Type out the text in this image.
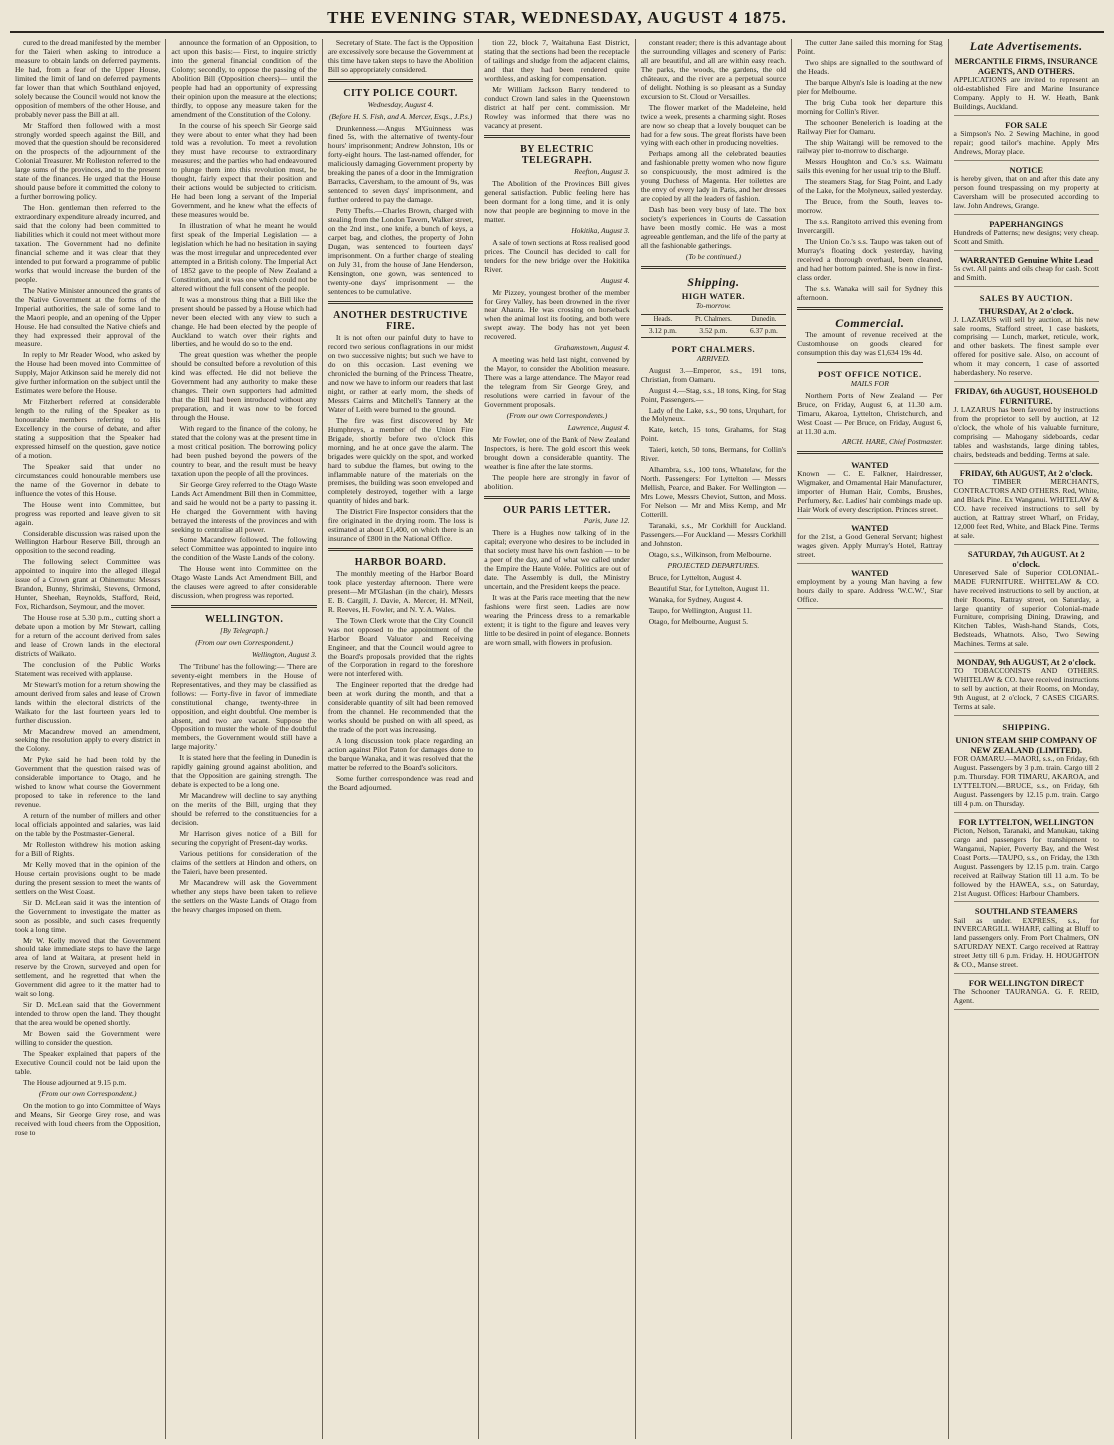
THE EVENING STAR, WEDNESDAY, AUGUST 4 1875.

cured to the dread manifested by the member for the Taieri when asking to introduce a measure to obtain lands on deferred payments. He had, from a fear of the Upper House, limited the limit of land on deferred payments far lower than that which Southland enjoyed, solely because the Council would not know the opposition of members of the other House, and probably never pass the Bill at all.

Mr Stafford then followed with a most strongly worded speech against the Bill, and moved that the question should be reconsidered on the prospects of the adjournment of the Colonial Treasurer. Mr Rolleston referred to the large sums of the provinces, and to the present state of the finances. He urged that the House should pause before it committed the colony to a further borrowing policy.

The Hon. gentleman then referred to the extraordinary expenditure already incurred, and said that the colony had been committed to liabilities which it could not meet without more taxation. The Government had no definite financial scheme and it was clear that they intended to put forward a programme of public works that would increase the burden of the people.

The Native Minister announced the grants of the Native Government at the forms of the Imperial authorities, the sale of some land to the Maori people, and an opening of the Upper House. He had consulted the Native chiefs and they had expressed their approval of the measure.

In reply to Mr Reader Wood, who asked by the House had been moved into Committee of Supply, Major Atkinson said he merely did not give further information on the subject until the Estimates were before the House.

Mr Fitzherbert referred at considerable length to the ruling of the Speaker as to honourable members referring to His Excellency in the course of debate, and after stating a supposition that the Speaker had expressed himself on the question, gave notice of a motion.

The Speaker said that under no circumstances could honourable members use the name of the Governor in debate to influence the votes of this House.

The House went into Committee, but progress was reported and leave given to sit again.

Considerable discussion was raised upon the Wellington Harbour Reserve Bill, through an opposition to the second reading.

The following select Committee was appointed to inquire into the alleged illegal issue of a Crown grant at Ohinemutu: Messrs Brandon, Bunny, Shrimski, Stevens, Ormond, Hunter, Sheehan, Reynolds, Stafford, Reid, Fox, Richardson, Seymour, and the mover.

The House rose at 5.30 p.m., cutting short a debate upon a motion by Mr Stewart, calling for a return of the account derived from sales and lease of Crown lands in the electoral districts of Waikato.

The conclusion of the Public Works Statement was received with applause.

Mr Stewart's motion for a return showing the amount derived from sales and lease of Crown lands within the electoral districts of the Waikato for the last fourteen years led to further discussion.

Mr Macandrew moved an amendment, seeking the resolution apply to every district in the Colony.

Mr Pyke said he had been told by the Government that the question raised was of considerable importance to Otago, and he wished to know what course the Government proposed to take in reference to the land revenue.

A return of the number of millers and other local officials appointed and salaries, was laid on the table by the Postmaster-General.

Mr Rolleston withdrew his motion asking for a Bill of Rights.

Mr Kelly moved that in the opinion of the House certain provisions ought to be made during the present session to meet the wants of settlers on the West Coast.

Sir D. McLean said it was the intention of the Government to investigate the matter as soon as possible, and such cases frequently took a long time.

Mr W. Kelly moved that the Government should take immediate steps to have the large area of land at Waitara, at present held in reserve by the Crown, surveyed and open for settlement, and he regretted that when the Government did agree to it the matter had to wait so long.

Sir D. McLean said that the Government intended to throw open the land. They thought that the area would be opened shortly.

Mr Bowen said the Government were willing to consider the question.

The Speaker explained that papers of the Executive Council could not be laid upon the table.

The House adjourned at 9.15 p.m.

(From our own Correspondent.)

On the motion to go into Committee of Ways and Means, Sir George Grey rose, and was received with loud cheers from the Opposition, rose to

announce the formation of an Opposition, to act upon this basis:— First, to inquire strictly into the general financial condition of the Colony; secondly, to oppose the passing of the Abolition Bill (Opposition cheers)— until the people had had an opportunity of expressing their opinion upon the measure at the elections; thirdly, to oppose any measure taken for the amendment of the Constitution of the Colony.

In the course of his speech Sir George said they were about to enter what they had been told was a revolution. To meet a revolution they must have recourse to extraordinary measures; and the parties who had endeavoured to plunge them into this revolution must, he thought, fairly expect that their position and their actions would be subjected to criticism. He had been long a servant of the Imperial Government, and he knew what the effects of these measures would be.

In illustration of what he meant he would first speak of the Imperial Legislation — a legislation which he had no hesitation in saying was the most irregular and unprecedented ever attempted in a British colony. The Imperial Act of 1852 gave to the people of New Zealand a Constitution, and it was one which could not be altered without the full consent of the people.

It was a monstrous thing that a Bill like the present should be passed by a House which had never been elected with any view to such a change. He had been elected by the people of Auckland to watch over their rights and liberties, and he would do so to the end.

The great question was whether the people should be consulted before a revolution of this kind was effected. He did not believe the Government had any authority to make these changes. Their own supporters had admitted that the Bill had been introduced without any preparation, and it was now to be forced through the House.

With regard to the finance of the colony, he stated that the colony was at the present time in a most critical position. The borrowing policy had been pushed beyond the powers of the country to bear, and the result must be heavy taxation upon the people of all the provinces.

Sir George Grey referred to the Otago Waste Lands Act Amendment Bill then in Committee, and said he would not be a party to passing it. He charged the Government with having betrayed the interests of the provinces and with seeking to centralise all power.

Some Macandrew followed. The following select Committee was appointed to inquire into the condition of the Waste Lands of the colony.

The House went into Committee on the Otago Waste Lands Act Amendment Bill, and the clauses were agreed to after considerable discussion, when progress was reported.

WELLINGTON.
[By Telegraph.]
(From our own Correspondent.)
Wellington, August 3.

The 'Tribune' has the following:— 'There are seventy-eight members in the House of Representatives, and they may be classified as follows: — Forty-five in favor of immediate constitutional change, twenty-three in opposition, and eight doubtful. One member is absent, and two are vacant. Suppose the Opposition to muster the whole of the doubtful members, the Government would still have a large majority.'

It is stated here that the feeling in Dunedin is rapidly gaining ground against abolition, and that the Opposition are gaining strength. The debate is expected to be a long one.

Mr Macandrew will decline to say anything on the merits of the Bill, urging that they should be referred to the constituencies for a decision.

Mr Harrison gives notice of a Bill for securing the copyright of Present-day works.

Various petitions for consideration of the claims of the settlers at Hindon and others, on the Taieri, have been presented.

Mr Macandrew will ask the Government whether any steps have been taken to relieve the settlers on the Waste Lands of Otago from the heavy charges imposed on them.

Secretary of State. The fact is the Opposition are excessively sore because the Government at this time have taken steps to have the Abolition Bill so appropriately considered.

CITY POLICE COURT.
Wednesday, August 4.
(Before H. S. Fish, and A. Mercer, Esqs., J.P.s.)

Drunkenness.—Angus M'Guinness was fined 5s, with the alternative of twenty-four hours' imprisonment; Andrew Johnston, 10s or forty-eight hours. The last-named offender, for maliciously damaging Government property by breaking the panes of a door in the Immigration Barracks, Caversham, to the amount of 9s, was sentenced to seven days' imprisonment, and further ordered to pay the damage.

Petty Thefts.—Charles Brown, charged with stealing from the London Tavern, Walker street, on the 2nd inst., one knife, a bunch of keys, a carpet bag, and clothes, the property of John Dugan, was sentenced to fourteen days' imprisonment. On a further charge of stealing on July 31, from the house of Jane Henderson, Kensington, one gown, was sentenced to twenty-one days' imprisonment — the sentences to be cumulative.

ANOTHER DESTRUCTIVE FIRE.

It is not often our painful duty to have to record two serious conflagrations in our midst on two successive nights; but such we have to do on this occasion. Last evening we chronicled the burning of the Princess Theatre, and now we have to inform our readers that last night, or rather at early morn, the sheds of Messrs Cairns and Mitchell's Tannery at the Water of Leith were burned to the ground.

The fire was first discovered by Mr Humphreys, a member of the Union Fire Brigade, shortly before two o'clock this morning, and he at once gave the alarm. The brigades were quickly on the spot, and worked hard to subdue the flames, but owing to the inflammable nature of the materials on the premises, the building was soon enveloped and completely destroyed, together with a large quantity of hides and bark.

The District Fire Inspector considers that the fire originated in the drying room. The loss is estimated at about £1,400, on which there is an insurance of £800 in the National Office.

HARBOR BOARD.

The monthly meeting of the Harbor Board took place yesterday afternoon. There were present—Mr M'Glashan (in the chair), Messrs E. B. Cargill, J. Davie, A. Mercer, H. M'Neil, R. Reeves, H. Fowler, and N. Y. A. Wales.

The Town Clerk wrote that the City Council was not opposed to the appointment of the Harbor Board Valuator and Receiving Engineer, and that the Council would agree to the Board's proposals provided that the rights of the Corporation in regard to the foreshore were not interfered with.

The Engineer reported that the dredge had been at work during the month, and that a considerable quantity of silt had been removed from the channel. He recommended that the works should be pushed on with all speed, as the trade of the port was increasing.

A long discussion took place regarding an action against Pilot Paton for damages done to the barque Wanaka, and it was resolved that the matter be referred to the Board's solicitors.

Some further correspondence was read and the Board adjourned.

tion 22, block 7, Waitahuna East District, stating that the sections had been the receptacle of tailings and sludge from the adjacent claims, and that they had been rendered quite worthless, and asking for compensation.

Mr William Jackson Barry tendered to conduct Crown land sales in the Queenstown district at half per cent. commission. Mr Rowley was informed that there was no vacancy at present.

BY ELECTRIC TELEGRAPH.
Reefton, August 3.

The Abolition of the Provinces Bill gives general satisfaction. Public feeling here has been dormant for a long time, and it is only now that people are beginning to move in the matter.

Hokitika, August 3.

A sale of town sections at Ross realised good prices. The Council has decided to call for tenders for the new bridge over the Hokitika River.

August 4.

Mr Pizzey, youngest brother of the member for Grey Valley, has been drowned in the river near Ahaura. He was crossing on horseback when the animal lost its footing, and both were swept away. The body has not yet been recovered.

Grahamstown, August 4.

A meeting was held last night, convened by the Mayor, to consider the Abolition measure. There was a large attendance. The Mayor read the telegram from Sir George Grey, and resolutions were carried in favour of the Government proposals.

(From our own Correspondents.)
Lawrence, August 4.

Mr Fowler, one of the Bank of New Zealand Inspectors, is here. The gold escort this week brought down a considerable quantity. The weather is fine after the late storms.

The people here are strongly in favor of abolition.

OUR PARIS LETTER.
Paris, June 12.

There is a Hughes now talking of in the capital; everyone who desires to be included in that society must have his own fashion — to be a peer of the day, and of what we called under the Empire the Haute Volée. Politics are out of date. The Assembly is dull, the Ministry uncertain, and the President keeps the peace.

It was at the Paris race meeting that the new fashions were first seen. Ladies are now wearing the Princess dress to a remarkable extent; it is tight to the figure and leaves very little to be desired in point of elegance. Bonnets are worn small, with flowers in profusion.

constant reader; there is this advantage about the surrounding villages and scenery of Paris: all are beautiful, and all are within easy reach. The parks, the woods, the gardens, the old châteaux, and the river are a perpetual source of delight. Nothing is so pleasant as a Sunday excursion to St. Cloud or Versailles.

The flower market of the Madeleine, held twice a week, presents a charming sight. Roses are now so cheap that a lovely bouquet can be had for a few sous. The great florists have been vying with each other in producing novelties.

Perhaps among all the celebrated beauties and fashionable pretty women who now figure so conspicuously, the most admired is the young Duchess of Magenta. Her toilettes are the envy of every lady in Paris, and her dresses are copied by all the leaders of fashion.

Dash has been very busy of late. The box society's experiences in Courts de Cassation have been mostly comic. He was a most agreeable gentleman, and the life of the party at all the fashionable gatherings.

(To be continued.)
Shipping.
HIGH WATER.
To-morrow.
Heads.	Pt. Chalmers.	Dunedin.
3.12 p.m.	3.52 p.m.	6.37 p.m.
PORT CHALMERS.
ARRIVED.

August 3.—Emperor, s.s., 191 tons, Christian, from Oamaru.

August 4.—Stag, s.s., 18 tons, King, for Stag Point, Passengers.—

Lady of the Lake, s.s., 90 tons, Urquhart, for the Molyneux.

Kate, ketch, 15 tons, Grahams, for Stag Point.

Taieri, ketch, 50 tons, Bermans, for Collin's River.

Alhambra, s.s., 100 tons, Whatelaw, for the North. Passengers: For Lyttelton — Messrs Mellish, Pearce, and Baker. For Wellington — Mrs Lowe, Messrs Cheviot, Sutton, and Moss. For Nelson — Mr and Miss Kemp, and Mr Cotterill.

Taranaki, s.s., Mr Corkhill for Auckland. Passengers.—For Auckland — Messrs Corkhill and Johnston.

Otago, s.s., Wilkinson, from Melbourne.

PROJECTED DEPARTURES.

Bruce, for Lyttelton, August 4.

Beautiful Star, for Lyttelton, August 11.

Wanaka, for Sydney, August 4.

Taupo, for Wellington, August 11.

Otago, for Melbourne, August 5.

The cutter Jane sailed this morning for Stag Point.

Two ships are signalled to the southward of the Heads.

The barque Albyn's Isle is loading at the new pier for Melbourne.

The brig Cuba took her departure this morning for Collin's River.

The schooner Benelerich is loading at the Railway Pier for Oamaru.

The ship Waitangi will be removed to the railway pier to-morrow to discharge.

Messrs Houghton and Co.'s s.s. Waimatu sails this evening for her usual trip to the Bluff.

The steamers Stag, for Stag Point, and Lady of the Lake, for the Molyneux, sailed yesterday.

The Bruce, from the South, leaves to-morrow.

The s.s. Rangitoto arrived this evening from Invercargill.

The Union Co.'s s.s. Taupo was taken out of Murray's floating dock yesterday, having received a thorough overhaul, been cleaned, and had her bottom painted. She is now in first-class order.

The s.s. Wanaka will sail for Sydney this afternoon.

Commercial.

The amount of revenue received at the Customhouse on goods cleared for consumption this day was £1,634 19s 4d.

POST OFFICE NOTICE.
MAILS FOR

Northern Ports of New Zealand — Per Bruce, on Friday, August 6, at 11.30 a.m. Timaru, Akaroa, Lyttelton, Christchurch, and West Coast — Per Bruce, on Friday, August 6, at 11.30 a.m.

ARCH. HARE, Chief Postmaster.
WANTED
Known — C. E. Falkner, Hairdresser, Wigmaker, and Ornamental Hair Manufacturer, importer of Human Hair, Combs, Brushes, Perfumery, &c. Ladies' hair combings made up. Hair Work of every description. Princes street.
WANTED
for the 21st, a Good General Servant; highest wages given. Apply Murray's Hotel, Rattray street.
WANTED
employment by a young Man having a few hours daily to spare. Address 'W.C.W.', Star Office.
Late Advertisements.
MERCANTILE FIRMS, INSURANCE AGENTS, AND OTHERS.
APPLICATIONS are invited to represent an old-established Fire and Marine Insurance Company. Apply to H. W. Heath, Bank Buildings, Auckland.
FOR SALE
a Simpson's No. 2 Sewing Machine, in good repair; good tailor's machine. Apply Mrs Andrews, Moray place.
NOTICE
is hereby given, that on and after this date any person found trespassing on my property at Caversham will be prosecuted according to law. John Andrews, Grange.
PAPERHANGINGS
Hundreds of Patterns; new designs; very cheap. Scott and Smith.
WARRANTED Genuine White Lead
5s cwt. All paints and oils cheap for cash. Scott and Smith.
SALES BY AUCTION.
THURSDAY, At 2 o'clock.
J. LAZARUS will sell by auction, at his new sale rooms, Stafford street, 1 case baskets, comprising — Lunch, market, reticule, work, and other baskets. The finest sample ever offered for positive sale. Also, on account of whom it may concern, 1 case of assorted haberdashery. No reserve.
FRIDAY, 6th AUGUST, HOUSEHOLD FURNITURE.
J. LAZARUS has been favored by instructions from the proprietor to sell by auction, at 12 o'clock, the whole of his valuable furniture, comprising — Mahogany sideboards, cedar tables and washstands, large dining tables, chairs, bedsteads and bedding. Terms at sale.
FRIDAY, 6th AUGUST, At 2 o'clock.
TO TIMBER MERCHANTS, CONTRACTORS AND OTHERS. Red, White, and Black Pine. Ex Wanganui. WHITELAW & CO. have received instructions to sell by auction, at Rattray street Wharf, on Friday, 12,000 feet Red, White, and Black Pine. Terms at sale.
SATURDAY, 7th AUGUST. At 2 o'clock.
Unreserved Sale of Superior COLONIAL-MADE FURNITURE. WHITELAW & CO. have received instructions to sell by auction, at their Rooms, Rattray street, on Saturday, a large quantity of superior Colonial-made Furniture, comprising Dining, Drawing, and Kitchen Tables, Wash-hand Stands, Cots, Bedsteads, Whatnots. Also, Two Sewing Machines. Terms at sale.
MONDAY, 9th AUGUST, At 2 o'clock.
TO TOBACCONISTS AND OTHERS. WHITELAW & CO. have received instructions to sell by auction, at their Rooms, on Monday, 9th August, at 2 o'clock, 7 CASES CIGARS. Terms at sale.
SHIPPING.
UNION STEAM SHIP COMPANY OF NEW ZEALAND (LIMITED).
FOR OAMARU.—MAORI, s.s., on Friday, 6th August. Passengers by 3 p.m. train. Cargo till 2 p.m. Thursday. FOR TIMARU, AKAROA, and LYTTELTON.—BRUCE, s.s., on Friday, 6th August. Passengers by 12.15 p.m. train. Cargo till 4 p.m. on Thursday.
FOR LYTTELTON, WELLINGTON
Picton, Nelson, Taranaki, and Manukau, taking cargo and passengers for transhipment to Wanganui, Napier, Poverty Bay, and the West Coast Ports.—TAUPO, s.s., on Friday, the 13th August. Passengers by 12.15 p.m. train. Cargo received at Railway Station till 11 a.m. To be followed by the HAWEA, s.s., on Saturday, 21st August. Offices: Harbour Chambers.
SOUTHLAND STEAMERS
Sail as under. EXPRESS, s.s., for INVERCARGILL WHARF, calling at Bluff to land passengers only. From Port Chalmers, ON SATURDAY NEXT. Cargo received at Rattray street Jetty till 6 p.m. Friday. H. HOUGHTON & CO., Manse street.
FOR WELLINGTON DIRECT
The Schooner TAURANGA. G. F. REID, Agent.
